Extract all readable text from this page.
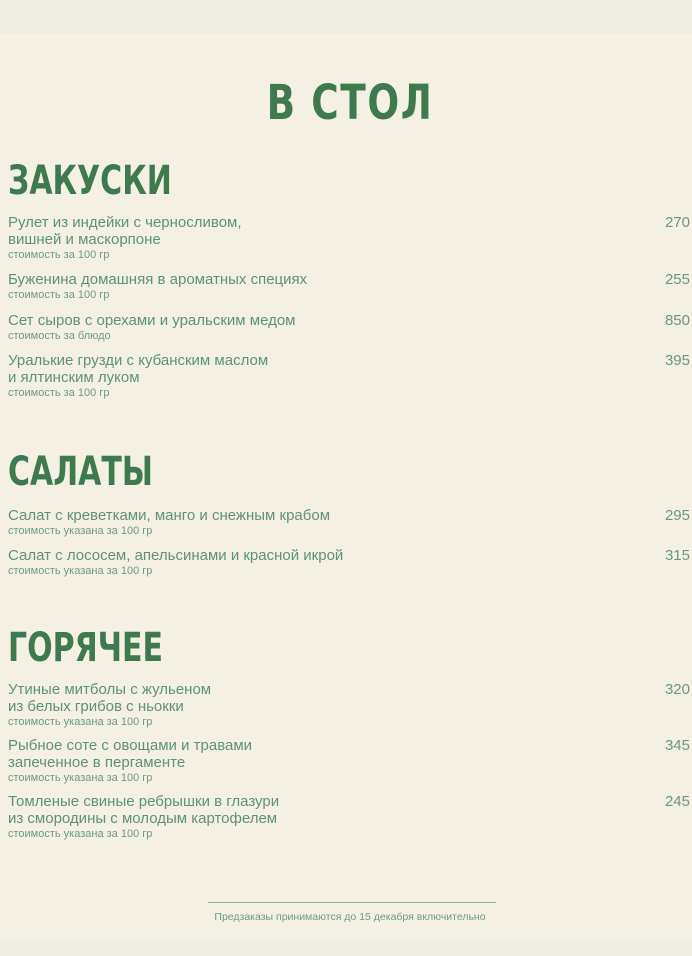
В СТОЛ
ЗАКУСКИ
Рулет из индейки с черносливом,
вишней и маскорпоне
стоимость за 100 гр
270
Буженина домашняя в ароматных специях
стоимость за 100 гр
255
Сет сыров с орехами и уральским медом
стоимость за блюдо
850
Уралькие грузди с кубанским маслом
и ялтинским луком
стоимость за 100 гр
395
САЛАТЫ
Салат с креветками, манго и снежным крабом
стоимость указана за 100 гр
295
Салат с лососем, апельсинами и красной икрой
стоимость указана за 100 гр
315
ГОРЯЧЕЕ
Утиные митболы с жульеном
из белых грибов с ньокки
стоимость указана за 100 гр
320
Рыбное соте с овощами и травами
запеченное в пергаменте
стоимость указана за 100 гр
345
Томленые свиные ребрышки в глазури
из смородины с молодым картофелем
стоимость указана за 100 гр
245
Предзаказы принимаются до 15 декабря включительно
